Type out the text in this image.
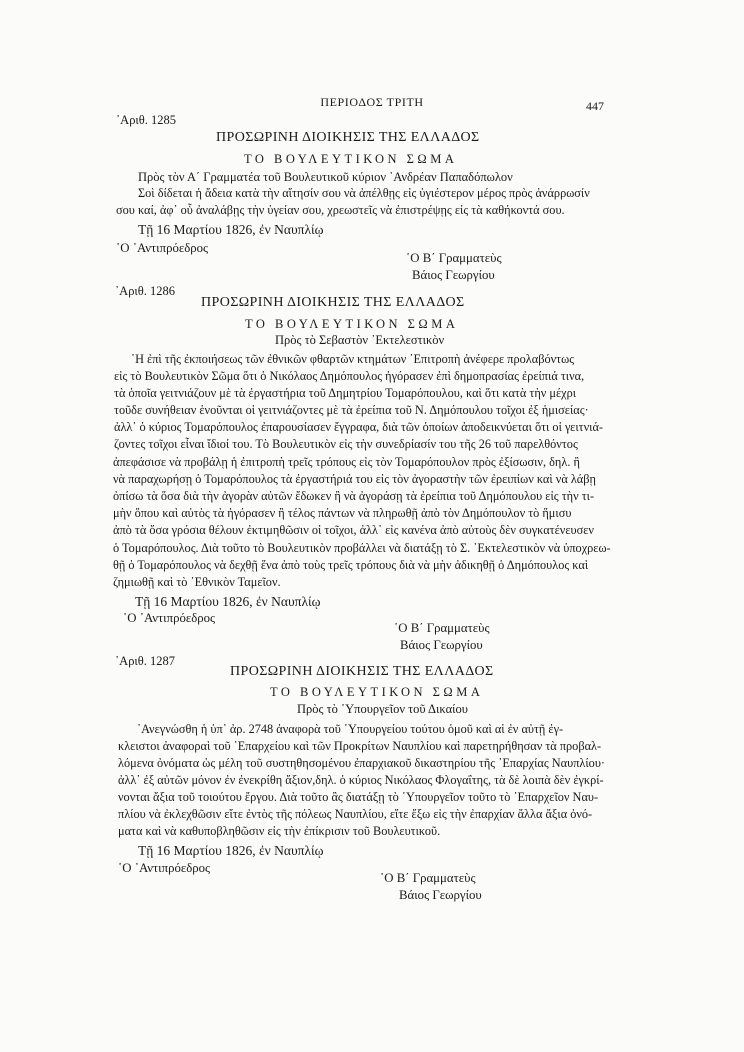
ΠΕΡΙΟΔΟΣ ΤΡΙΤΗ	447
᾿Αριθ. 1285
ΠΡΟΣΩΡΙΝΗ ΔΙΟΙΚΗΣΙΣ ΤΗΣ ΕΛΛΑΔΟΣ
ΤΟ ΒΟΥΛΕΥΤΙΚΟΝ ΣΩΜΑ
Πρὸς τὸν Α΄ Γραμματέα τοῦ Βουλευτικοῦ κύριον ᾿Ανδρέαν Παπαδόπωλον
Σοὶ δίδεται ἡ ἄδεια κατὰ τὴν αἴτησίν σου νὰ ἀπέλθῃς εἰς ὑγιέστερον μέρος πρὸς ἀνάρρωσίν
σου καί, ἀφ᾿ οὗ ἀναλάβῃς τὴν ὑγείαν σου, χρεωστεῖς νὰ ἐπιστρέψῃς εἰς τὰ καθήκοντά σου.
Τῇ 16 Μαρτίου 1826, ἐν Ναυπλίῳ
῾Ο ᾿Αντιπρόεδρος
῾Ο Β΄ Γραμματεὺς
Βάιος Γεωργίου
᾿Αριθ. 1286
ΠΡΟΣΩΡΙΝΗ ΔΙΟΙΚΗΣΙΣ ΤΗΣ ΕΛΛΑΔΟΣ
ΤΟ ΒΟΥΛΕΥΤΙΚΟΝ ΣΩΜΑ
Πρὸς τὸ Σεβαστὸν ᾿Εκτελεστικὸν
῾Η ἐπὶ τῆς ἐκποιήσεως τῶν ἐθνικῶν φθαρτῶν κτημάτων ᾿Επιτροπὴ ἀνέφερε προλαβόντως
εἰς τὸ Βουλευτικὸν Σῶμα ὅτι ὁ Νικόλαος Δημόπουλος ἠγόρασεν ἐπὶ δημοπρασίας ἐρείπιά τινα,
τὰ ὁποῖα γειτνιάζουν μὲ τὰ ἐργαστήρια τοῦ Δημητρίου Τομαρόπουλου, καὶ ὅτι κατὰ τὴν μέχρι
τοῦδε συνήθειαν ἑνοῦνται οἱ γειτνιάζοντες μὲ τὰ ἐρείπια τοῦ Ν. Δημόπουλου τοῖχοι ἐξ ἡμισείας·
ἀλλ᾿ ὁ κύριος Τομαρόπουλος ἐπαρουσίασεν ἔγγραφα, διὰ τῶν ὁποίων ἀποδεικνύεται ὅτι οἱ γειτνιά-
ζοντες τοῖχοι εἶναι ἴδιοί του. Τὸ Βουλευτικὸν εἰς τὴν συνεδρίασίν του τῆς 26 τοῦ παρελθόντος
ἀπεφάσισε νὰ προβάλῃ ἡ ἐπιτροπὴ τρεῖς τρόπους εἰς τὸν Τομαρόπουλον πρὸς ἐξίσωσιν, δηλ. ἢ
νὰ παραχωρήσῃ ὁ Τομαρόπουλος τὰ ἐργαστήριά του εἰς τὸν ἀγοραστὴν τῶν ἐρειπίων καὶ νὰ λάβῃ
ὀπίσω τὰ ὅσα διὰ τὴν ἀγορὰν αὐτῶν ἔδωκεν ἢ νὰ ἀγοράσῃ τὰ ἐρείπια τοῦ Δημόπουλου εἰς τὴν τι-
μὴν ὅπου καὶ αὐτὸς τὰ ἠγόρασεν ἢ τέλος πάντων νὰ πληρωθῇ ἀπὸ τὸν Δημόπουλον τὸ ἥμισυ
ἀπὸ τὰ ὅσα γρόσια θέλουν ἐκτιμηθῶσιν οἱ τοῖχοι, ἀλλ᾿ εἰς κανένα ἀπὸ αὐτοὺς δὲν συγκατένευσεν
ὁ Τομαρόπουλος. Διὰ τοῦτο τὸ Βουλευτικὸν προβάλλει νὰ διατάξῃ τὸ Σ. ᾿Εκτελεστικὸν νὰ ὑποχρεω-
θῇ ὁ Τομαρόπουλος νὰ δεχθῇ ἕνα ἀπὸ τοὺς τρεῖς τρόπους διὰ νὰ μὴν ἀδικηθῇ ὁ Δημόπουλος καὶ
ζημιωθῇ καὶ τὸ ᾿Εθνικὸν Ταμεῖον.
Τῇ 16 Μαρτίου 1826, ἐν Ναυπλίῳ
῾Ο ᾿Αντιπρόεδρος
῾Ο Β΄ Γραμματεὺς
Βάιος Γεωργίου
᾿Αριθ. 1287
ΠΡΟΣΩΡΙΝΗ ΔΙΟΙΚΗΣΙΣ ΤΗΣ ΕΛΛΑΔΟΣ
ΤΟ ΒΟΥΛΕΥΤΙΚΟΝ ΣΩΜΑ
Πρὸς τὸ ῾Υπουργεῖον τοῦ Δικαίου
᾿Ανεγνώσθη ἡ ὑπ᾿ ἀρ. 2748 ἀναφορὰ τοῦ ῾Υπουργείου τούτου ὁμοῦ καὶ αἱ ἐν αὐτῇ ἐγ-
κλειστοι ἀναφοραὶ τοῦ ᾿Επαρχείου καὶ τῶν Προκρίτων Ναυπλίου καὶ παρετηρήθησαν τὰ προβαλ-
λόμενα ὀνόματα ὡς μέλη τοῦ συστηθησομένου ἐπαρχιακοῦ δικαστηρίου τῆς ᾿Επαρχίας Ναυπλίου·
ἀλλ᾿ ἐξ αὐτῶν μόνον ἐν ἐνεκρίθη ἄξιον,δηλ. ὁ κύριος Νικόλαος Φλογαΐτης, τὰ δὲ λοιπὰ δὲν ἐγκρί-
νονται ἄξια τοῦ τοιούτου ἔργου. Διὰ τοῦτο ἂς διατάξῃ τὸ ῾Υπουργεῖον τοῦτο τὸ ᾿Επαρχεῖον Ναυ-
πλίου νὰ ἐκλεχθῶσιν εἴτε ἐντὸς τῆς πόλεως Ναυπλίου, εἴτε ἔξω εἰς τὴν ἐπαρχίαν ἄλλα ἄξια ὀνό-
ματα καὶ νὰ καθυποβληθῶσιν εἰς τὴν ἐπίκρισιν τοῦ Βουλευτικοῦ.
Τῇ 16 Μαρτίου 1826, ἐν Ναυπλίῳ
῾Ο ᾿Αντιπρόεδρος
῾Ο Β΄ Γραμματεὺς
Βάιος Γεωργίου
